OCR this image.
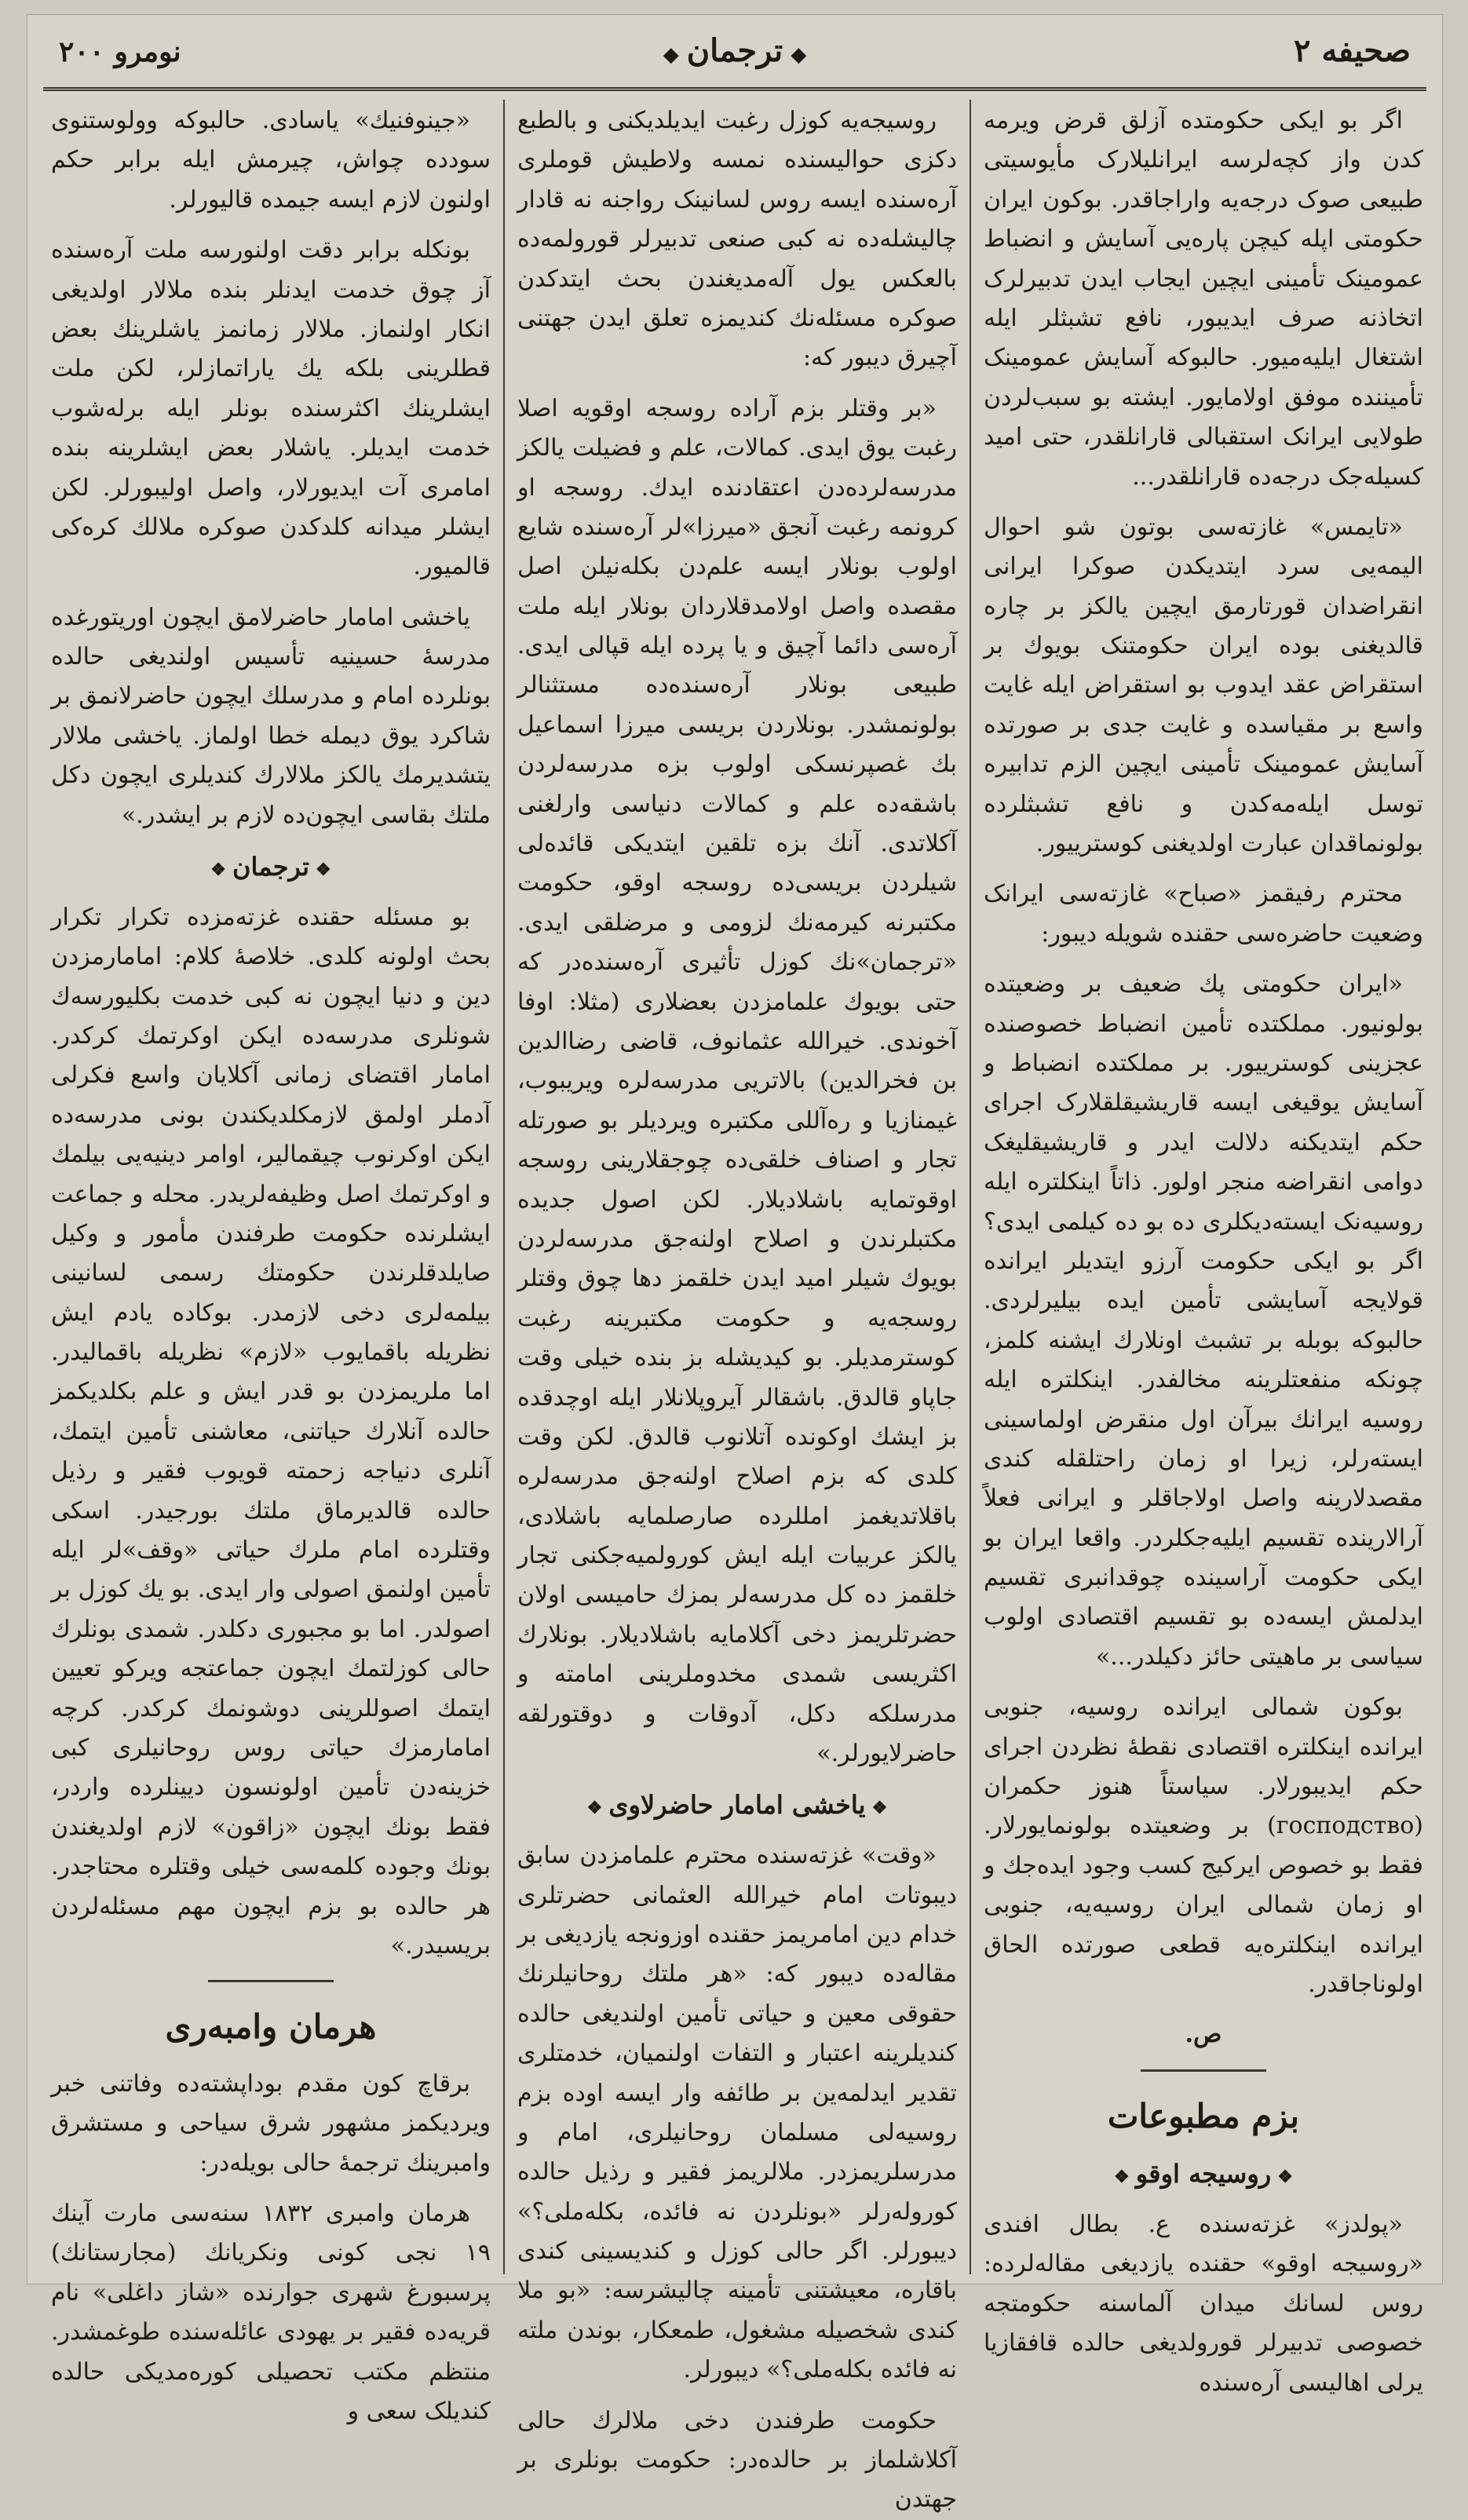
صحیفه ۲
◆ ترجمان ◆
نومرو ۲۰۰

اگر بو ایکی حکومتده آزلق قرض ویرمه کدن واز کچه‌لرسه ایرانلیلارک مأیوسیتی طبیعی صوک درجه‌یه واراجاقدر. بوکون ایران حکومتی اپله کیچن پاره‌یی آسایش و انضباط عمومینک تأمینی ایچین ایجاب ایدن تدبیرلرک اتخاذنه صرف ایدیبور، نافع تشبثلر ایله اشتغال ایلیه‌میور. حالبوکه آسایش عمومینک تأمیننده موفق اولامایور. ایشته بو سبب‌لردن طولایی ایرانک استقبالی قارانلقدر، حتی امید کسیله‌جک درجه‌ده قارانلقدر...

«تایمس» غازته‌سی بوتون شو احوال الیمه‌یی سرد ایتدیکدن صوکرا ایرانی انقراضدان قورتارمق ایچین یالکز بر چاره قالدیغنی بوده ایران حکومتنک بویوك بر استقراض عقد ایدوب بو استقراض ایله غایت واسع بر مقیاسده و غایت جدی بر صورتده آسایش عمومینک تأمینی ایچین الزم تدابیره توسل ایله‌مه‌کدن و نافع تشبثلرده بولونماقدان عبارت اولدیغنی کوسترییور.

محترم رفیقمز «صباح» غازته‌سی ایرانک وضعیت حاضره‌سی حقنده شویله دیبور:

«ایران حکومتی پك ضعیف بر وضعیتده بولونیور. مملکتده تأمین انضباط خصوصنده عجزینی کوسترییور. بر مملکتده انضباط و آسایش یوقیغی ایسه قاریشیقلقلارک اجرای حکم ایتدیکنه دلالت ایدر و قاریشیقلیغک دوامی انقراضه منجر اولور. ذاتاً اینکلتره ایله روسیه‌نک ایسته‌دیکلری ده بو ده کیلمی ایدی؟ اگر بو ایکی حکومت آرزو ایتدیلر ایرانده قولایجه آسایشی تأمین ایده بیلیرلردی. حالبوکه بوبله بر تشبث اونلارك ایشنه کلمز، چونکه منفعتلرینه مخالفدر. اینکلتره ایله روسیه ایرانك بیرآن اول منقرض اولماسینی ایسته‌رلر، زیرا او زمان راحتلقله کندی مقصدلارینه واصل اولاجاقلر و ایرانی فعلاً آرالارینده تقسیم ایلیه‌جکلردر. واقعا ایران بو ایکی حکومت آراسینده چوقدانبری تقسیم ایدلمش ایسه‌ده بو تقسیم اقتصادی اولوب سیاسی بر ماهیتی حائز دکیلدر...»

بوکون شمالی ایرانده روسیه، جنوبی ایرانده اینکلتره اقتصادی نقطهٔ نظردن اجرای حکم ایدیبورلار. سیاستاً هنوز حکمران (господство) بر وضعیتده بولونمایورلار. فقط بو خصوص ایرکیج کسب وجود ایده‌جك و او زمان شمالی ایران روسیه‌یه، جنوبی ایرانده اینکلتره‌یه قطعی صورتده الحاق اولونا‌جاقدر.

ص.
بزم مطبوعات
❖ روسیجه اوقو ❖

«پولدز» غزته‌سنده ع. بطال افندی «روسیجه اوقو» حقنده یازدیغی مقاله‌لرده: روس لسانك میدان آلماسنه حکومتجه خصوصی تدبیرلر قورولدیغی حالده قافقازیا یرلی اهالیسی آره‌سنده

روسیجه‌یه کوزل رغبت ایدیلدیکنی و بالطبع دکزی حوالیسنده نمسه ولاطیش قوملری آره‌سنده ایسه روس لسانینک رواجنه نه قادار چالیشله‌ده نه کبی صنعی تدبیرلر قورولمه‌ده بالعکس یول آله‌مدیغندن بحث ایتدکدن صوکره مسئله‌نك کندیمزه تعلق ایدن جهتنی آچیرق دیبور که:

«بر وقتلر بزم آراده روسجه اوقویه اصلا رغبت یوق ایدی. کمالات، علم و فضیلت یالکز مدرسه‌لرده‌دن اعتقادنده ایدك. روسجه او کرونمه رغبت آنجق «میرزا»لر آره‌سنده شایع اولوب بونلار ایسه علم‌دن بکله‌نیلن اصل مقصده واصل اولامدقلاردان بونلار ایله ملت آره‌سی دائما آچیق و یا پرده ایله قپالی ایدی. طبیعی بونلار آره‌سنده‌ده مستثنالر بولونمشدر. بونلاردن بریسی میرزا اسماعیل بك غصپرنسکی اولوب بزه مدرسه‌لردن باشقه‌ده علم و کمالات دنیاسی وارلغنی آکلاتدی. آنك بزه تلقین ایتدیکی قائده‌لی شیلردن بریسی‌ده روسجه اوقو، حکومت مکتبرنه کیرمه‌نك لزومی و مرضلقی ایدی. «ترجمان»نك کوزل تأثیری آره‌سنده‌در که حتی بویوك علمامزدن بعضلاری (مثلا: اوفا آخوندی. خیرالله عثمانوف، قاضی رضاالدین بن فخرالدین) بالاتریی مدرسه‌لره ویریبوب، غیمنازیا و ره‌آللی مکتبره ویردیلر بو صورتله تجار و اصناف خلقی‌ده چوجقلارینی روسجه اوقوتمایه باشلادیلار. لکن اصول جدیده مکتبلرندن و اصلاح اولنه‌جق مدرسه‌لردن بویوك شیلر امید ایدن خلقمز دها چوق وقتلر روسجه‌یه و حکومت مکتبرینه رغبت کوسترمدیلر. بو کیدیشله بز بنده خیلی وقت جاپاو قالدق. باشقالر آیروپلانلار ایله اوچدقده بز ایشك اوکونده آتلانوب قالدق. لکن وقت کلدی که بزم اصلاح اولنه‌جق مدرسه‌لره باقلاتدیغمز امللرده صارصلمایه باشلادی، یالکز عربیات ایله ایش کورولمیه‌جکنی تجار خلقمز ده کل مدرسه‌لر بمزك حامیسی اولان حضرتلریمز دخی آکلامایه باشلادیلار. بونلارك اکثریسی شمدی مخدوملرینی امامته و مدرسلکه دکل، آدوقات و دوقتورلقه حاضرلایورلر.»

❖ یاخشی امامار حاضرلاوی ❖

«وقت» غزته‌سنده محترم علمامزدن سابق دیبوتات امام خیرالله العثمانی حضرتلری خدام دین امامریمز حقنده اوزونجه یازدیغی بر مقاله‌ده دیبور که: «هر ملتك روحانیلرنك حقوقی معین و حیاتی تأمین اولندیغی حالده کندیلرینه اعتبار و التفات اولنمیان، خدمتلری تقدیر ایدلمه‌ین بر طائفه وار ایسه اوده بزم روسیه‌لی مسلمان روحانیلری، امام و مدرسلریمزدر. ملالریمز فقیر و رذیل حالده کوروله‌رلر «بونلردن نه فائده، بکله‌ملی؟» دیبورلر. اگر حالی کوزل و کندیسینی کندی باقاره، معیشتنی تأمینه چالیشرسه: «بو ملا کندی شخصیله مشغول، طمعکار، بوندن ملته نه فائده بکله‌ملی؟» دیبورلر.

حکومت طرفندن دخی ملالرك حالی آکلاشلماز بر حالده‌در: حکومت بونلری بر جهتدن

«جینوفنیك» یاسادی. حالبوکه وولوستنوی سودده چواش، چیرمش ایله برابر حکم اولنون لازم ایسه جیمده قالیورلر.

بونکله برابر دقت اولنورسه ملت آره‌سنده آز چوق خدمت ایدنلر بنده ملالار اولدیغی انکار اولنماز. ملالار زمانمز یاشلرینك بعض قطلرینی بلکه یك یاراتمازلر، لکن ملت ایشلرینك اکثرسنده بونلر ایله برله‌شوب خدمت ایدیلر. یاشلار بعض ایشلرینه بنده امامری آت ایدیورلار، واصل اولیبورلر. لکن ایشلر میدانه کلدکدن صوکره ملالك کره‌کی قالمیور.

یاخشی امامار حاضرلامق ایچون اوریتورغده مدرسهٔ حسینیه تأسیس اولندیغی حالده بونلرده امام و مدرسلك ایچون حاضرلانمق بر شاکرد یوق دیمله خطا اولماز. یاخشی ملالار یتشدیرمك یالکز ملالارك کندیلری ایچون دکل ملتك بقاسی ایچون‌ده لازم بر ایشدر.»

❖ ترجمان ❖

بو مسئله حقنده غزته‌مزده تکرار تکرار بحث اولونه کلدی. خلاصهٔ کلام: امامارمزدن دین و دنیا ایچون نه کبی خدمت بکلیورسه‌ك شونلری مدرسه‌ده ایکن اوکرتمك کرکدر. امامار اقتضای زمانی آکلایان واسع فکرلی آدملر اولمق لازمکلدیکندن بونی مدرسه‌ده ایکن اوکرنوب چیقمالیر، اوامر دینیه‌یی بیلمك و اوکرتمك اصل وظیفه‌لریدر. محله و جماعت ایشلرنده حکومت طرفندن مأمور و وکیل صایلدقلرندن حکومتك رسمی لسانینی بیلمه‌لری دخی لازمدر. بوکاده یادم ایش نظریله باقمایوب «لازم» نظریله باقمالیدر. اما ملریمزدن بو قدر ایش و علم بکلدیکمز حالده آنلارك حیاتنی، معاشنی تأمین ایتمك، آنلری دنیاجه زحمته قویوب فقیر و رذیل حالده قالدیرماق ملتك بورجیدر. اسکی وقتلرده امام ملرك حیاتی «وقف»لر ایله تأمین اولنمق اصولی وار ایدی. بو یك کوزل بر اصولدر. اما بو مجبوری دکلدر. شمدی بونلرك حالی کوزلتمك ایچون جماعتجه ویرکو تعیین ایتمك اصوللرینی دوشونمك کرکدر. کرچه امامارمزك حیاتی روس روحانیلری کبی خزینه‌دن تأمین اولونسون دیینلرده واردر، فقط بونك ایچون «زاقون» لازم اولدیغندن بونك وجوده کلمه‌سی خیلی وقتلره محتاجدر. هر حالده بو بزم ایچون مهم مسئله‌لردن بریسیدر.»

هرمان وامبه‌ری

برقاچ کون مقدم بوداپشته‌ده وفاتنی خبر ویردیکمز مشهور شرق سیاحی و مستشرق وامبرینك ترجمهٔ حالی بویله‌در:

هرمان وامبری ۱۸۳۲ سنه‌سی مارت آینك ۱۹ نجی کونی ونکریانك (مجارستانك) پرسبورغ شهری جوارنده «شاز داغلی» نام قریه‌ده فقیر بر یهودی عائله‌سنده طوغمشدر. منتظم مکتب تحصیلی کوره‌مدیکی حالده کندیلک سعی و
